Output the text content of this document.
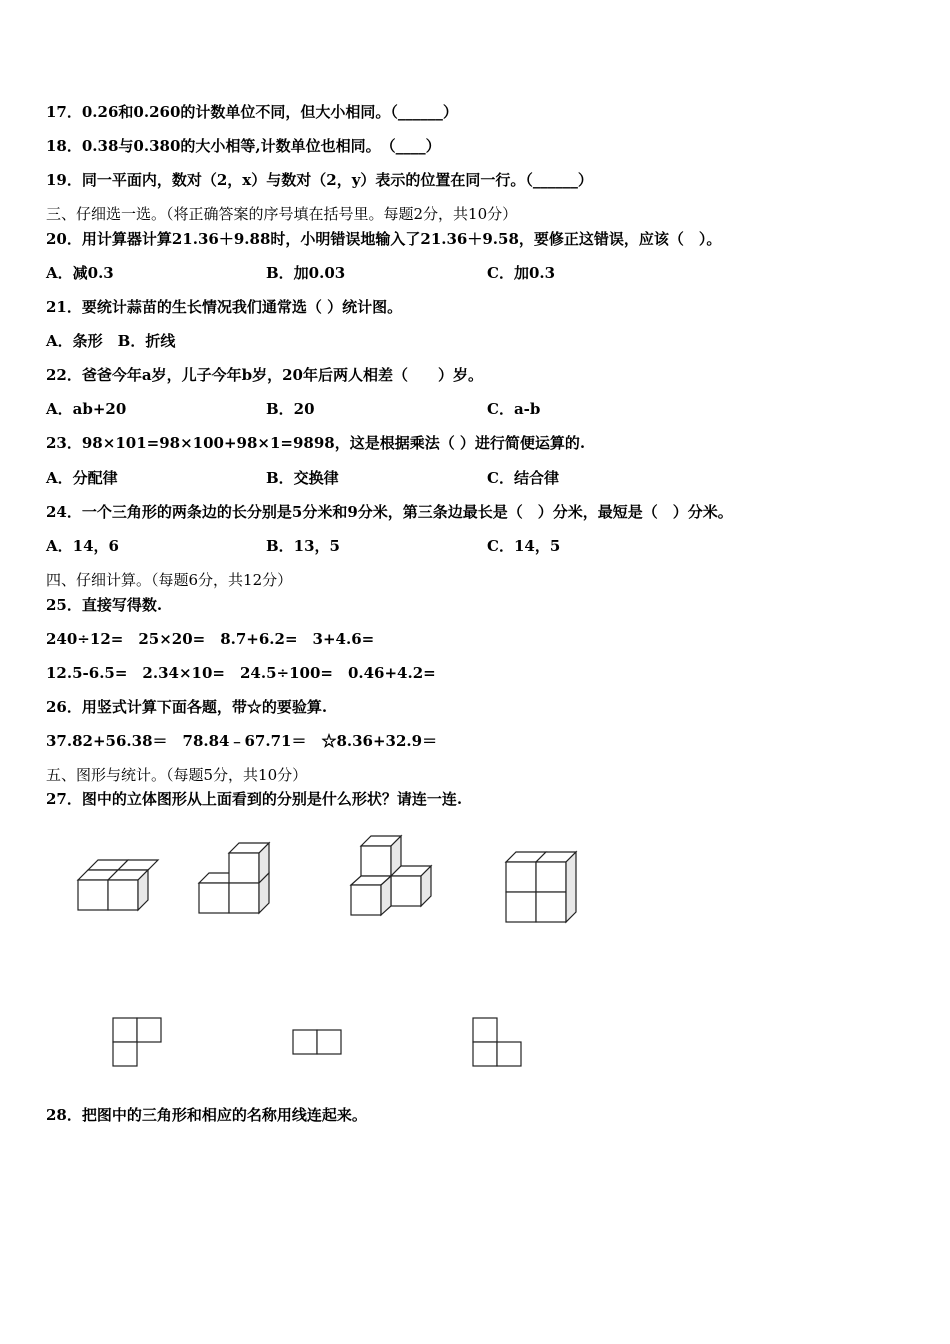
17．0.26和0.260的计数单位不同，但大小相同。（______）
18．0.38与0.380的大小相等,计数单位也相同。　（____）
19．同一平面内，数对（2，x）与数对（2，y）表示的位置在同一行。（______）
三、仔细选一选。（将正确答案的序号填在括号里。每题2分，共10分）
20．用计算器计算21.36＋9.88时，小明错误地输入了21.36＋9.58，要修正这错误，应该（　）。
A．减0.3	B．加0.03	C．加0.3
21．要统计蒜苗的生长情况我们通常选（ ）统计图。
A．条形　B．折线
22．爸爸今年a岁，儿子今年b岁，20年后两人相差（　　）岁。
A．ab+20	B．20	C．a-b
23．98×101=98×100+98×1=9898，这是根据乘法（ ）进行简便运算的.
A．分配律	B．交换律	C．结合律
24．一个三角形的两条边的长分别是5分米和9分米，第三条边最长是（　）分米，最短是（　）分米。
A．14，6	B．13，5	C．14，5
四、仔细计算。（每题6分，共12分）
25．直接写得数.
240÷12=　25×20=　8.7+6.2=　3+4.6=
12.5-6.5=　2.34×10=　24.5÷100=　0.46+4.2=
26．用竖式计算下面各题，带☆的要验算.
37.82+56.38＝　78.84﹣67.71＝　☆8.36+32.9＝
五、图形与统计。（每题5分，共10分）
27．图中的立体图形从上面看到的分别是什么形状？请连一连.
28．把图中的三角形和相应的名称用线连起来。
